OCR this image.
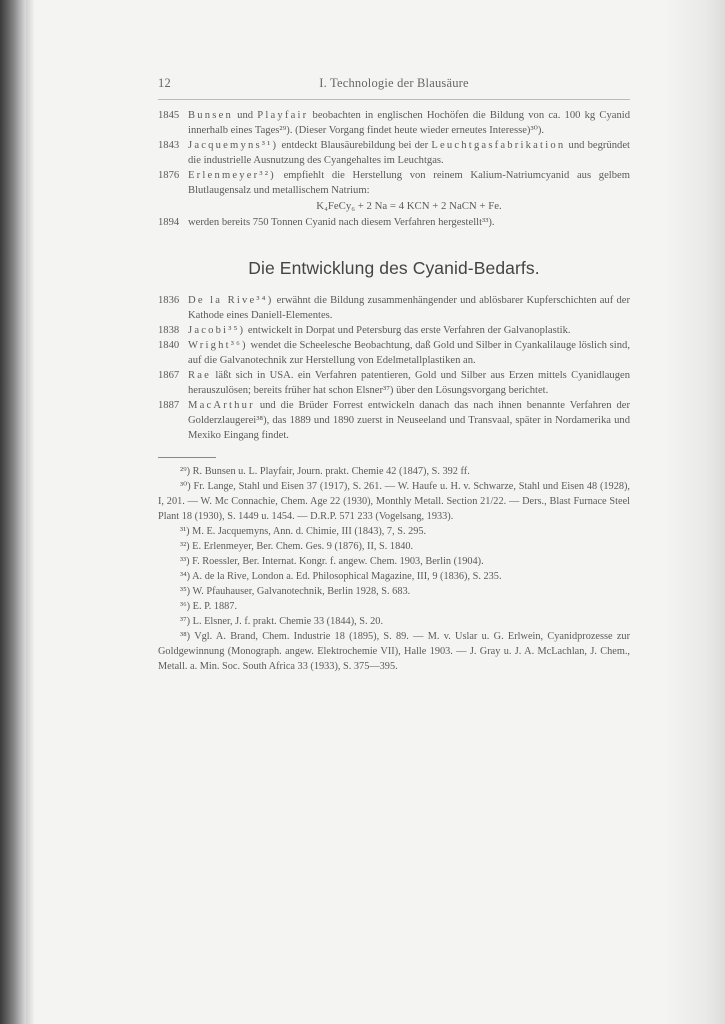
12	I. Technologie der Blausäure
1845 Bunsen und Playfair beobachten in englischen Hochöfen die Bildung von ca. 100 kg Cyanid innerhalb eines Tages²⁹). (Dieser Vorgang findet heute wieder erneutes Interesse)³⁰).
1843 Jacquemyns³¹) entdeckt Blausäurebildung bei der Leuchtgasfabrikation und begründet die industrielle Ausnutzung des Cyangehaltes im Leuchtgas.
1876 Erlenmeyer³²) empfiehlt die Herstellung von reinem Kalium-Natriumcyanid aus gelbem Blutlaugensalz und metallischem Natrium:
K₄FeCy₆ + 2 Na = 4 KCN + 2 NaCN + Fe.
1894 werden bereits 750 Tonnen Cyanid nach diesem Verfahren hergestellt³³).
Die Entwicklung des Cyanid-Bedarfs.
1836 De la Rive³⁴) erwähnt die Bildung zusammenhängender und ablösbarer Kupferschichten auf der Kathode eines Daniell-Elementes.
1838 Jacobi³⁵) entwickelt in Dorpat und Petersburg das erste Verfahren der Galvanoplastik.
1840 Wright³⁶) wendet die Scheelesche Beobachtung, daß Gold und Silber in Cyankalilauge löslich sind, auf die Galvanotechnik zur Herstellung von Edelmetallplastiken an.
1867 Rae läßt sich in USA. ein Verfahren patentieren, Gold und Silber aus Erzen mittels Cyanidlaugen herauszulösen; bereits früher hat schon Elsner³⁷) über den Lösungsvorgang berichtet.
1887 MacArthur und die Brüder Forrest entwickeln danach das nach ihnen benannte Verfahren der Golderzlaugerei³⁸), das 1889 und 1890 zuerst in Neuseeland und Transvaal, später in Nordamerika und Mexiko Eingang findet.
²⁹) R. Bunsen u. L. Playfair, Journ. prakt. Chemie 42 (1847), S. 392 ff.
³⁰) Fr. Lange, Stahl und Eisen 37 (1917), S. 261. — W. Haufe u. H. v. Schwarze, Stahl und Eisen 48 (1928), I, 201. — W. Mc Connachie, Chem. Age 22 (1930), Monthly Metall. Section 21/22. — Ders., Blast Furnace Steel Plant 18 (1930), S. 1449 u. 1454. — D.R.P. 571 233 (Vogelsang, 1933).
³¹) M. E. Jacquemyns, Ann. d. Chimie, III (1843), 7, S. 295.
³²) E. Erlenmeyer, Ber. Chem. Ges. 9 (1876), II, S. 1840.
³³) F. Roessler, Ber. Internat. Kongr. f. angew. Chem. 1903, Berlin (1904).
³⁴) A. de la Rive, London a. Ed. Philosophical Magazine, III, 9 (1836), S. 235.
³⁵) W. Pfauhauser, Galvanotechnik, Berlin 1928, S. 683.
³⁶) E. P. 1887.
³⁷) L. Elsner, J. f. prakt. Chemie 33 (1844), S. 20.
³⁸) Vgl. A. Brand, Chem. Industrie 18 (1895), S. 89. — M. v. Uslar u. G. Erlwein, Cyanidprozesse zur Goldgewinnung (Monograph. angew. Elektrochemie VII), Halle 1903. — J. Gray u. J. A. McLachlan, J. Chem., Metall. a. Min. Soc. South Africa 33 (1933), S. 375—395.
